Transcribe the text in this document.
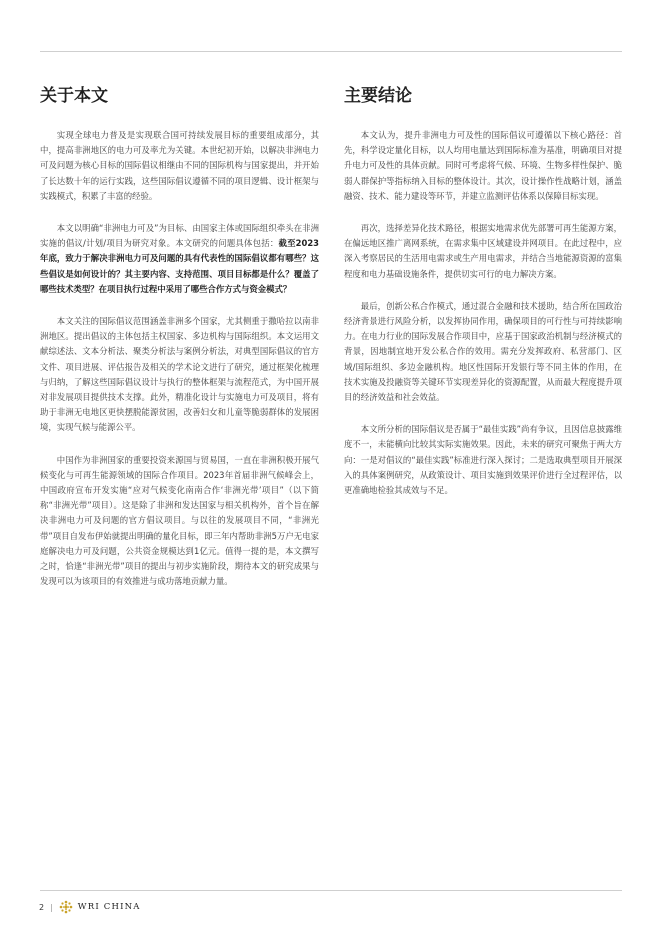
关于本文

实现全球电力普及是实现联合国可持续发展目标的重要组成部分，其中，提高非洲地区的电力可及率尤为关键。本世纪初开始，以解决非洲电力可及问题为核心目标的国际倡议相继由不同的国际机构与国家提出，并开始了长达数十年的运行实践，这些国际倡议遵循不同的项目逻辑、设计框架与实践模式，积累了丰富的经验。

本文以明确“非洲电力可及”为目标、由国家主体或国际组织牵头在非洲实施的倡议/计划/项目为研究对象。本文研究的问题具体包括：截至2023年底，致力于解决非洲电力可及问题的具有代表性的国际倡议都有哪些？这些倡议是如何设计的？其主要内容、支持范围、项目目标都是什么？覆盖了哪些技术类型？在项目执行过程中采用了哪些合作方式与资金模式？

本文关注的国际倡议范围涵盖非洲多个国家，尤其侧重于撒哈拉以南非洲地区。提出倡议的主体包括主权国家、多边机构与国际组织。本文运用文献综述法、文本分析法、聚类分析法与案例分析法，对典型国际倡议的官方文件、项目进展、评估报告及相关的学术论文进行了研究，通过框架化梳理与归纳，了解这些国际倡议设计与执行的整体框架与流程范式，为中国开展对非发展项目提供技术支撑。此外，精准化设计与实施电力可及项目，将有助于非洲无电地区更快摆脱能源贫困，改善妇女和儿童等脆弱群体的发展困境，实现气候与能源公平。

中国作为非洲国家的重要投资来源国与贸易国，一直在非洲积极开展气候变化与可再生能源领域的国际合作项目。2023年首届非洲气候峰会上，中国政府宣布开发实施“应对气候变化南南合作‘非洲光带’项目”（以下简称“非洲光带”项目）。这是除了非洲和发达国家与相关机构外，首个旨在解决非洲电力可及问题的官方倡议项目。与以往的发展项目不同，“非洲光带”项目自发布伊始就提出明确的量化目标，即三年内帮助非洲5万户无电家庭解决电力可及问题，公共资金规模达到1亿元。值得一提的是，本文撰写之时，恰逢“非洲光带”项目的提出与初步实施阶段，期待本文的研究成果与发现可以为该项目的有效推进与成功落地贡献力量。

主要结论

本文认为，提升非洲电力可及性的国际倡议可遵循以下核心路径：首先，科学设定量化目标，以人均用电量达到国际标准为基准，明确项目对提升电力可及性的具体贡献。同时可考虑将气候、环境、生物多样性保护、脆弱人群保护等指标纳入目标的整体设计。其次，设计操作性战略计划，涵盖融资、技术、能力建设等环节，并建立监测评估体系以保障目标实现。

再次，选择差异化技术路径，根据实地需求优先部署可再生能源方案，在偏远地区推广离网系统，在需求集中区域建设并网项目。在此过程中，应深入考察居民的生活用电需求或生产用电需求，并结合当地能源资源的富集程度和电力基础设施条件，提供切实可行的电力解决方案。

最后，创新公私合作模式，通过混合金融和技术援助，结合所在国政治经济背景进行风险分析，以发挥协同作用，确保项目的可行性与可持续影响力。在电力行业的国际发展合作项目中，应基于国家政治机制与经济模式的背景，因地制宜地开发公私合作的效用。需充分发挥政府、私营部门、区域/国际组织、多边金融机构。地区性国际开发银行等不同主体的作用，在技术实施及投融资等关键环节实现差异化的资源配置，从而最大程度提升项目的经济效益和社会效益。

本文所分析的国际倡议是否属于“最佳实践”尚有争议，且因信息披露维度不一，未能横向比较其实际实施效果。因此，未来的研究可聚焦于两大方向：一是对倡议的“最佳实践”标准进行深入探讨；二是选取典型项目开展深入的具体案例研究，从政策设计、项目实施到效果评价进行全过程评估，以更准确地检验其成效与不足。

2 |	WRI CHINA
